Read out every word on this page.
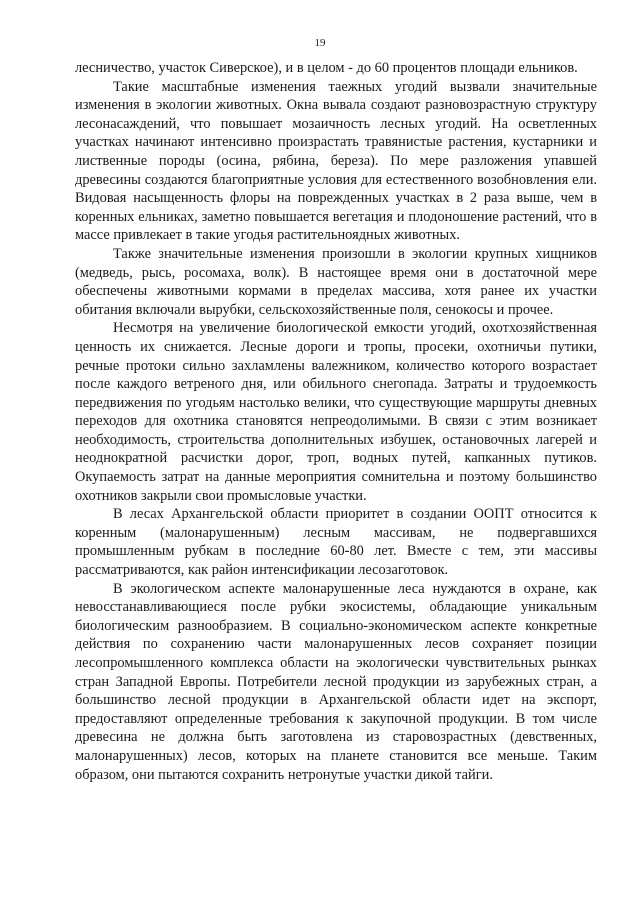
19

лесничество, участок Сиверское), и в целом - до 60 процентов площади ельников.

Такие масштабные изменения таежных угодий вызвали значительные изменения в экологии животных. Окна вывала создают разновозрастную структуру лесонасаждений, что повышает мозаичность лесных угодий. На осветленных участках начинают интенсивно произрастать травянистые растения, кустарники и лиственные породы (осина, рябина, береза). По мере разложения упавшей древесины создаются благоприятные условия для естественного возобновления ели. Видовая насыщенность флоры на поврежденных участках в 2 раза выше, чем в коренных ельниках, заметно повышается вегетация и плодоношение растений, что в массе привлекает в такие угодья растительноядных животных.

Также значительные изменения произошли в экологии крупных хищников (медведь, рысь, росомаха, волк). В настоящее время они в достаточной мере обеспечены животными кормами в пределах массива, хотя ранее их участки обитания включали вырубки, сельскохозяйственные поля, сенокосы и прочее.

Несмотря на увеличение биологической емкости угодий, охотхозяйственная ценность их снижается. Лесные дороги и тропы, просеки, охотничьи путики, речные протоки сильно захламлены валежником, количество которого возрастает после каждого ветреного дня, или обильного снегопада. Затраты и трудоемкость передвижения по угодьям настолько велики, что существующие маршруты дневных переходов для охотника становятся непреодолимыми. В связи с этим возникает необходимость, строительства дополнительных избушек, остановочных лагерей и неоднократной расчистки дорог, троп, водных путей, капканных путиков. Окупаемость затрат на данные мероприятия сомнительна и поэтому большинство охотников закрыли свои промысловые участки.

В лесах Архангельской области приоритет в создании ООПТ относится к коренным (малонарушенным) лесным массивам, не подвергавшихся промышленным рубкам в последние 60-80 лет. Вместе с тем, эти массивы рассматриваются, как район интенсификации лесозаготовок.

В экологическом аспекте малонарушенные леса нуждаются в охране, как невосстанавливающиеся после рубки экосистемы, обладающие уникальным биологическим разнообразием. В социально-экономическом аспекте конкретные действия по сохранению части малонарушенных лесов сохраняет позиции лесопромышленного комплекса области на экологически чувствительных рынках стран Западной Европы. Потребители лесной продукции из зарубежных стран, а большинство лесной продукции в Архангельской области идет на экспорт, предоставляют определенные требования к закупочной продукции. В том числе древесина не должна быть заготовлена из старовозрастных (девственных, малонарушенных) лесов, которых на планете становится все меньше. Таким образом, они пытаются сохранить нетронутые участки дикой тайги.
